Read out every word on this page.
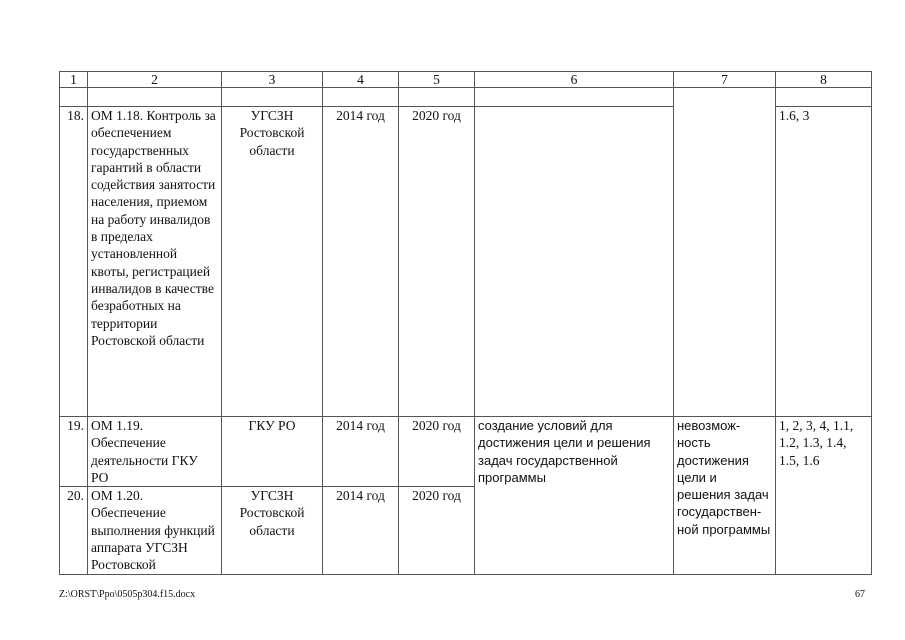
1	2	3	4	5	6	7	8

18.	ОМ 1.18. Контроль за обеспечением государственных гарантий в области содействия занятости населения, приемом на работу инвалидов в пределах установленной квоты, регистрацией инвалидов в качестве безработных на территории Ростовской области	УГСЗН Ростовской области	2014 год	2020 год			1.6, 3
19.	ОМ 1.19. Обеспечение деятельности ГКУ РО	ГКУ РО	2014 год	2020 год	создание условий для достижения цели и решения задач государственной программы	невозмож-ность достижения цели и решения задач государствен-ной программы	1, 2, 3, 4, 1.1, 1.2, 1.3, 1.4, 1.5, 1.6
20.	ОМ 1.20. Обеспечение выполнения функций аппарата УГСЗН Ростовской	УГСЗН Ростовской области	2014 год	2020 год			
Z:\ORST\Ppo\0505p304.f15.docx	67
